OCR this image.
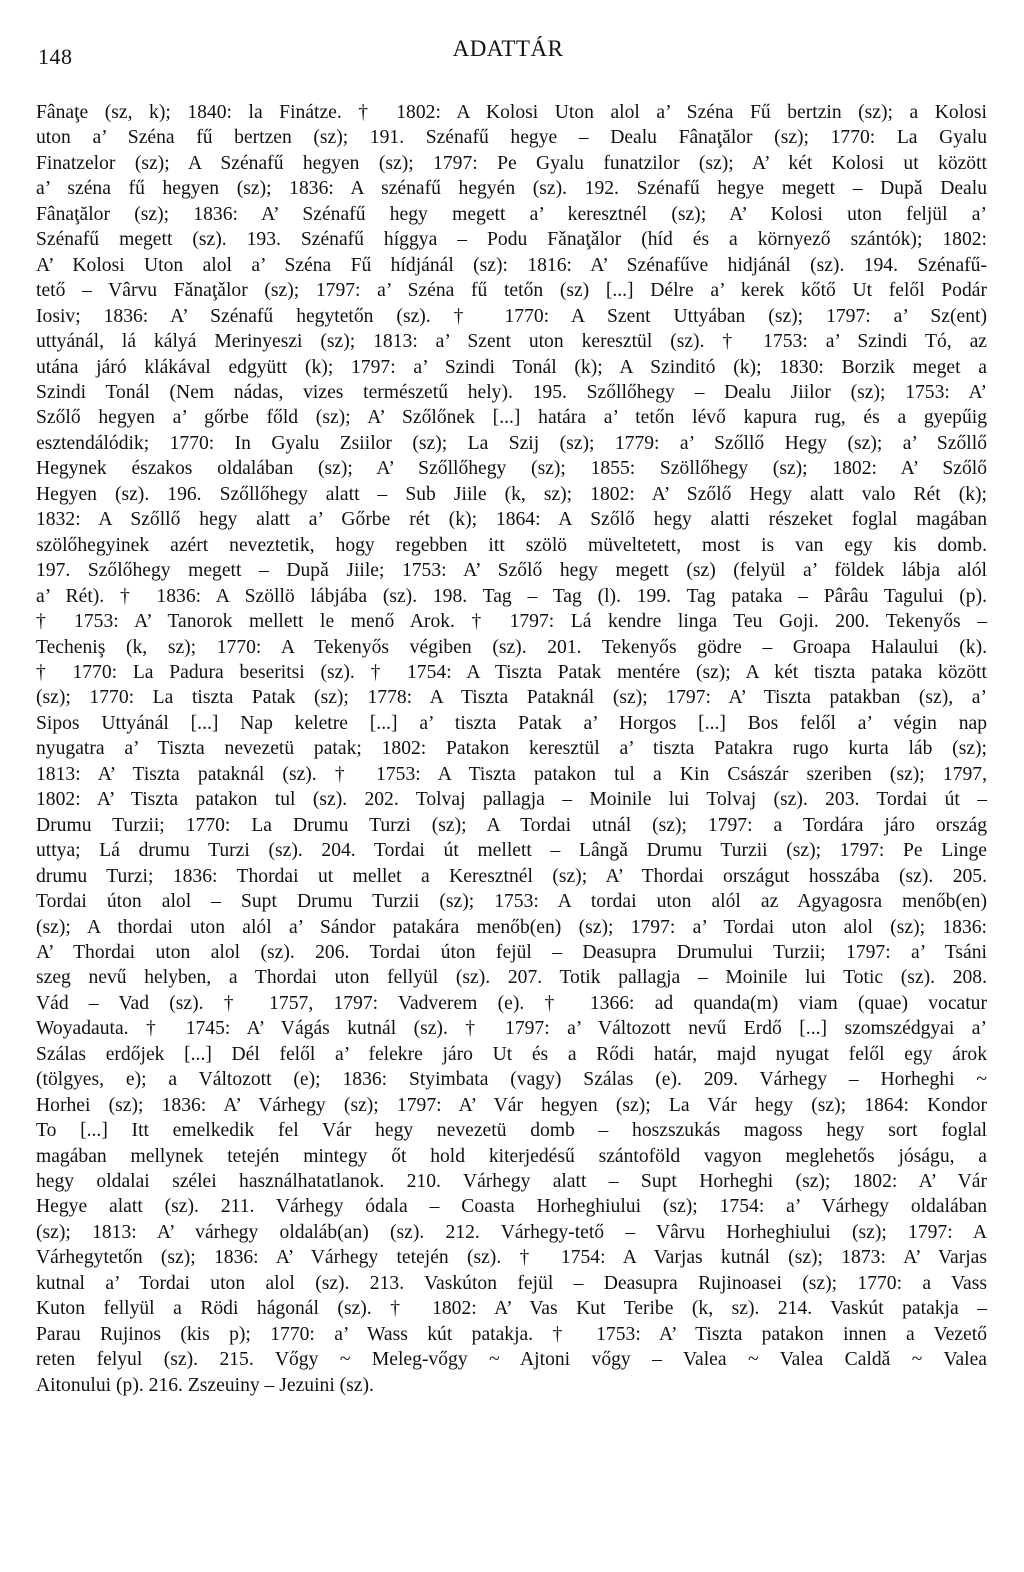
148	ADATTÁR
Fânaţe (sz, k); 1840: la Finátze. † 1802: A Kolosi Uton alol a’ Széna Fű bertzin (sz); a Kolosi
uton a’ Széna fű bertzen (sz); 191. Szénafű hegye – Dealu Fânaţălor (sz); 1770: La Gyalu
Finatzelor (sz); A Szénafű hegyen (sz); 1797: Pe Gyalu funatzilor (sz); A’ két Kolosi ut között
a’ széna fű hegyen (sz); 1836: A szénafű hegyén (sz). 192. Szénafű hegye megett – Dupǎ Dealu
Fânaţălor (sz); 1836: A’ Szénafű hegy megett a’ keresztnél (sz); A’ Kolosi uton feljül a’
Szénafű megett (sz). 193. Szénafű híggya – Podu Fǎnaţǎlor (híd és a környező szántók); 1802:
A’ Kolosi Uton alol a’ Széna Fű hídjánál (sz): 1816: A’ Szénafűve hidjánál (sz). 194. Szénafű-
tető – Vârvu Fǎnaţǎlor (sz); 1797: a’ Széna fű tetőn (sz) [...] Délre a’ kerek kőtő Ut felől Podár
Iosiv; 1836: A’ Szénafű hegytetőn (sz). † 1770: A Szent Uttyában (sz); 1797: a’ Sz(ent)
uttyánál, lá kályá Merinyeszi (sz); 1813: a’ Szent uton keresztül (sz). † 1753: a’ Szindi Tó, az
utána járó klákával edgyütt (k); 1797: a’ Szindi Tonál (k); A Szinditó (k); 1830: Borzik meget a
Szindi Tonál (Nem nádas, vizes természetű hely). 195. Szőllőhegy – Dealu Jiilor (sz); 1753: A’
Szőlő hegyen a’ gőrbe főld (sz); A’ Szőlőnek [...] határa a’ tetőn lévő kapura rug, és a gyepűig
esztendálódik; 1770: In Gyalu Zsiilor (sz); La Szij (sz); 1779: a’ Szőllő Hegy (sz); a’ Szőllő
Hegynek északos oldalában (sz); A’ Szőllőhegy (sz); 1855: Szöllőhegy (sz); 1802: A’ Szőlő
Hegyen (sz). 196. Szőllőhegy alatt – Sub Jiile (k, sz); 1802: A’ Szőlő Hegy alatt valo Rét (k);
1832: A Szőllő hegy alatt a’ Gőrbe rét (k); 1864: A Szőlő hegy alatti részeket foglal magában
szölőhegyinek azért neveztetik, hogy regebben itt szölö müveltetett, most is van egy kis domb.
197. Szőlőhegy megett – Dupǎ Jiile; 1753: A’ Szőlő hegy megett (sz) (felyül a’ földek lábja alól
a’ Rét). † 1836: A Szöllö lábjába (sz). 198. Tag – Tag (l). 199. Tag pataka – Pârâu Tagului (p).
† 1753: A’ Tanorok mellett le menő Arok. † 1797: Lá kendre linga Teu Goji. 200. Tekenyős –
Techeniş (k, sz); 1770: A Tekenyős végiben (sz). 201. Tekenyős gödre – Groapa Halaului (k).
† 1770: La Padura beseritsi (sz). † 1754: A Tiszta Patak mentére (sz); A két tiszta pataka között
(sz); 1770: La tiszta Patak (sz); 1778: A Tiszta Pataknál (sz); 1797: A’ Tiszta patakban (sz), a’
Sipos Uttyánál [...] Nap keletre [...] a’ tiszta Patak a’ Horgos [...] Bos felől a’ végin nap
nyugatra a’ Tiszta nevezetü patak; 1802: Patakon keresztül a’ tiszta Patakra rugo kurta láb (sz);
1813: A’ Tiszta pataknál (sz). † 1753: A Tiszta patakon tul a Kin Császár szeriben (sz); 1797,
1802: A’ Tiszta patakon tul (sz). 202. Tolvaj pallagja – Moinile lui Tolvaj (sz). 203. Tordai út –
Drumu Turzii; 1770: La Drumu Turzi (sz); A Tordai utnál (sz); 1797: a Tordára járo ország
uttya; Lá drumu Turzi (sz). 204. Tordai út mellett – Lângǎ Drumu Turzii (sz); 1797: Pe Linge
drumu Turzi; 1836: Thordai ut mellet a Keresztnél (sz); A’ Thordai országut hosszába (sz). 205.
Tordai úton alol – Supt Drumu Turzii (sz); 1753: A tordai uton alól az Agyagosra menőb(en)
(sz); A thordai uton alól a’ Sándor patakára menőb(en) (sz); 1797: a’ Tordai uton alol (sz); 1836:
A’ Thordai uton alol (sz). 206. Tordai úton fejül – Deasupra Drumului Turzii; 1797: a’ Tsáni
szeg nevű helyben, a Thordai uton fellyül (sz). 207. Totik pallagja – Moinile lui Totic (sz). 208.
Vád – Vad (sz). † 1757, 1797: Vadverem (e). † 1366: ad quanda(m) viam (quae) vocatur
Woyadauta. † 1745: A’ Vágás kutnál (sz). † 1797: a’ Változott nevű Erdő [...] szomszédgyai a’
Szálas erdőjek [...] Dél felől a’ felekre járo Ut és a Rődi határ, majd nyugat felől egy árok
(tölgyes, e); a Változott (e); 1836: Styimbata (vagy) Szálas (e). 209. Várhegy – Horheghi ~
Horhei (sz); 1836: A’ Várhegy (sz); 1797: A’ Vár hegyen (sz); La Vár hegy (sz); 1864: Kondor
To [...] Itt emelkedik fel Vár hegy nevezetü domb – hoszszukás magoss hegy sort foglal
magában mellynek tetején mintegy őt hold kiterjedésű szántoföld vagyon meglehetős jóságu, a
hegy oldalai szélei használhatatlanok. 210. Várhegy alatt – Supt Horheghi (sz); 1802: A’ Vár
Hegye alatt (sz). 211. Várhegy ódala – Coasta Horheghiului (sz); 1754: a’ Várhegy oldalában
(sz); 1813: A’ várhegy oldaláb(an) (sz). 212. Várhegy-tető – Vârvu Horheghiului (sz); 1797: A
Várhegytetőn (sz); 1836: A’ Várhegy tetején (sz). † 1754: A Varjas kutnál (sz); 1873: A’ Varjas
kutnal a’ Tordai uton alol (sz). 213. Vaskúton fejül – Deasupra Rujinoasei (sz); 1770: a Vass
Kuton fellyül a Rödi hágonál (sz). † 1802: A’ Vas Kut Teribe (k, sz). 214. Vaskút patakja –
Parau Rujinos (kis p); 1770: a’ Wass kút patakja. † 1753: A’ Tiszta patakon innen a Vezető
reten felyul (sz). 215. Vőgy ~ Meleg-vőgy ~ Ajtoni vőgy – Valea ~ Valea Caldǎ ~ Valea
Aitonului (p). 216. Zszeuiny – Jezuini (sz).
